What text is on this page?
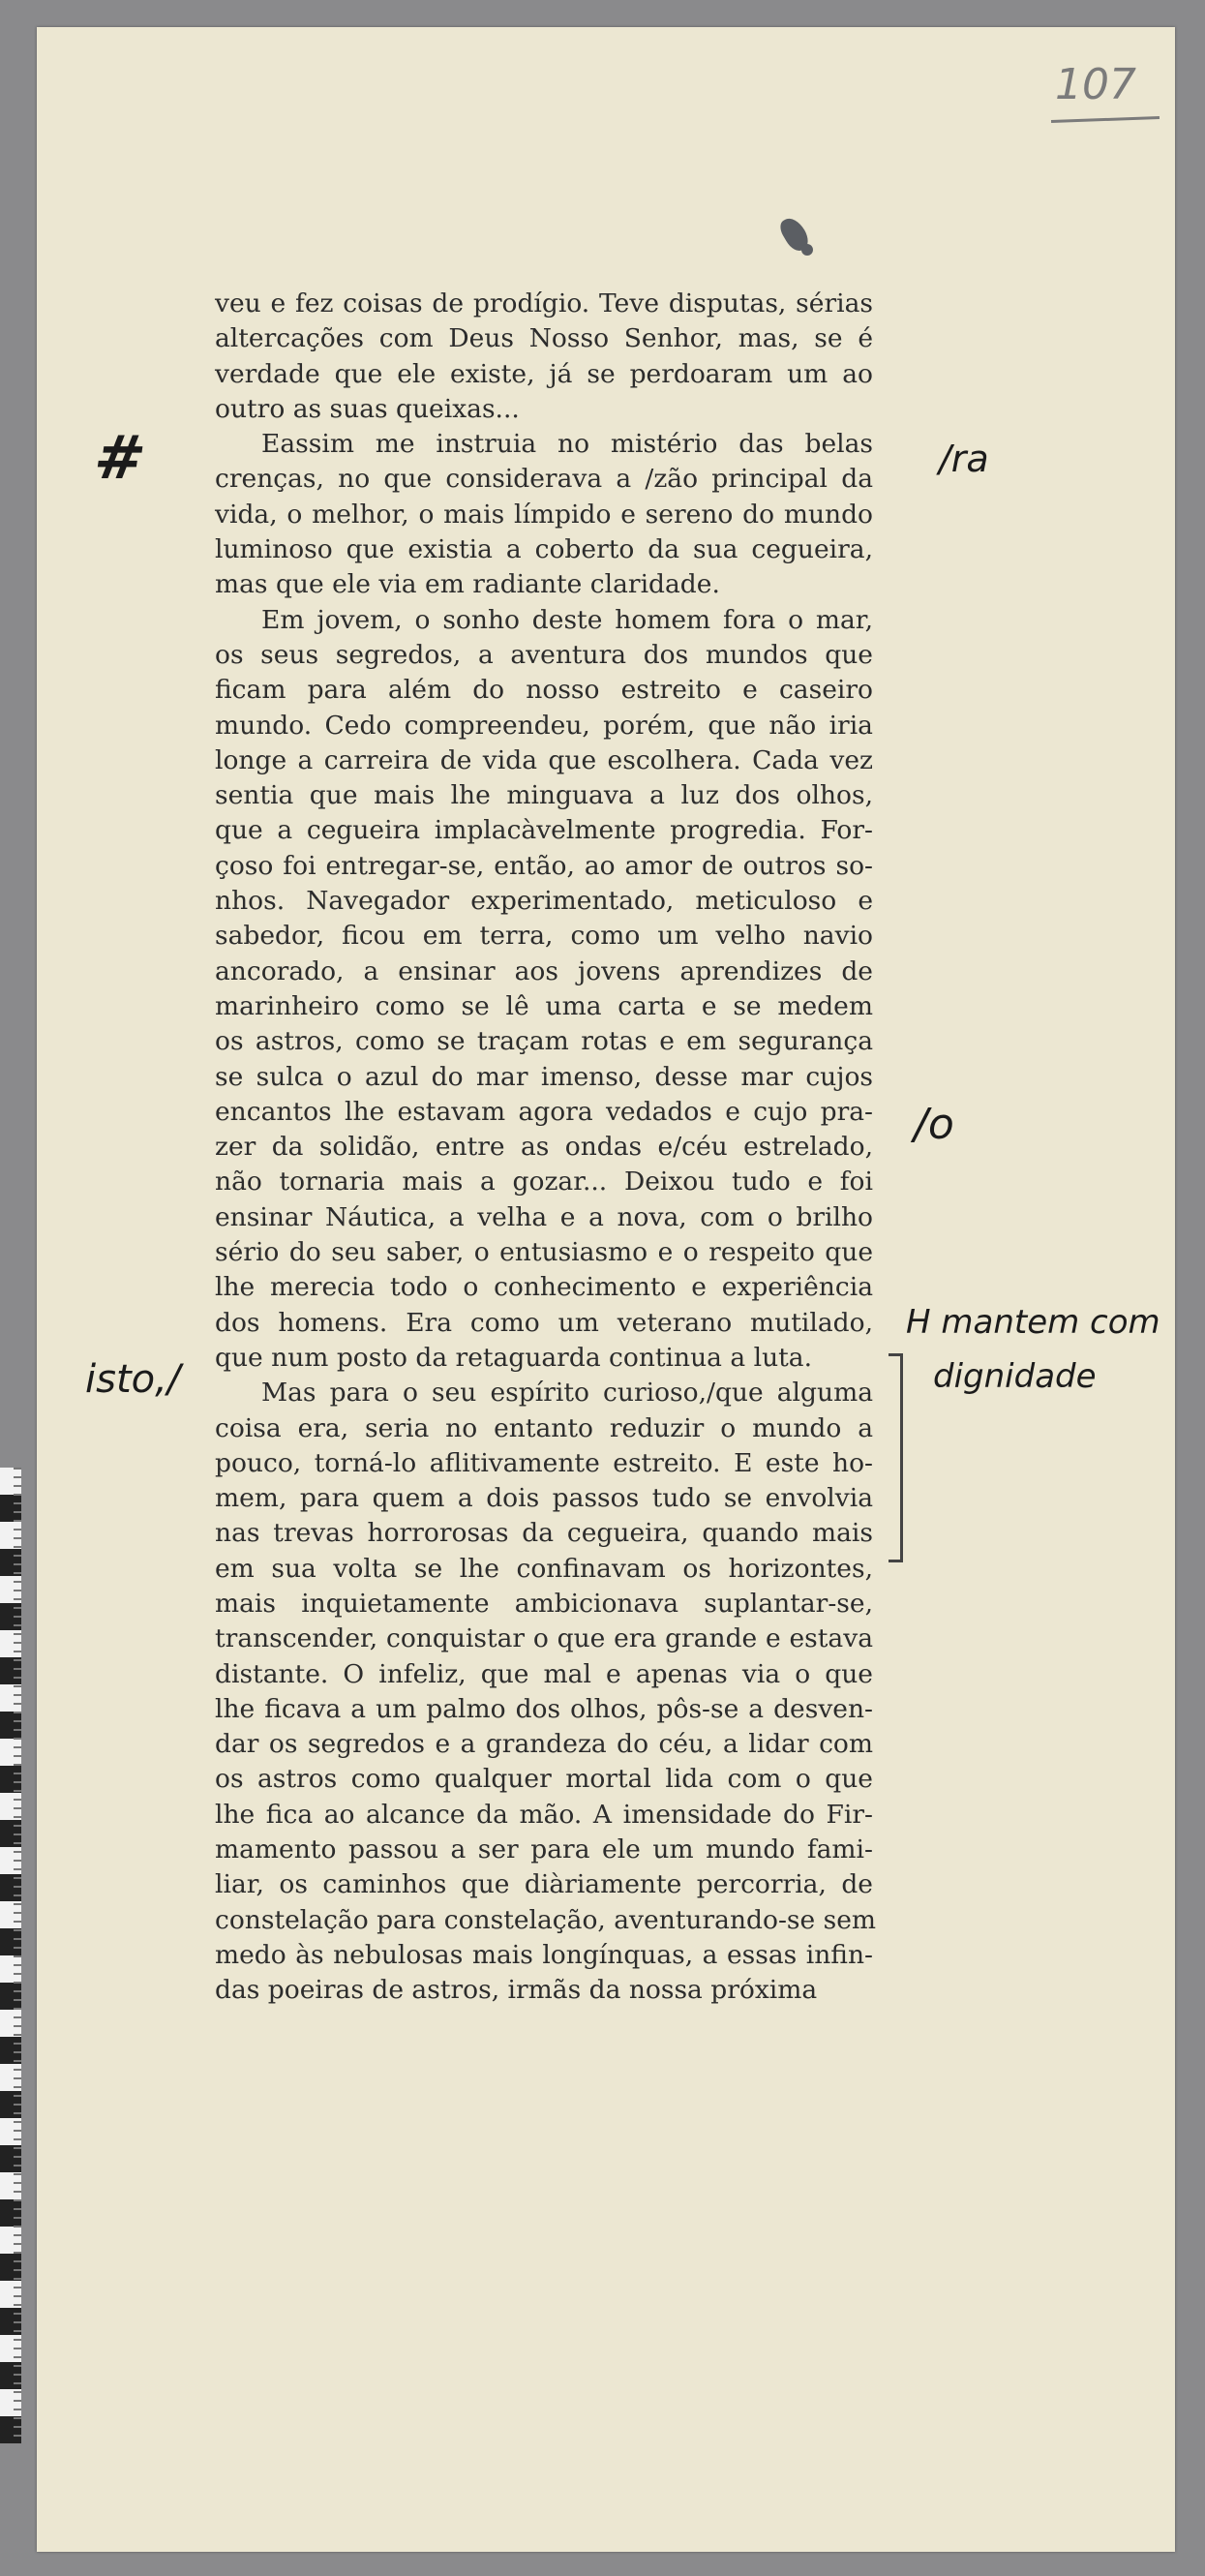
107
#	/ra
/o
isto,/
H mantem com
dignidade
veu e fez coisas de prodígio. Teve disputas, sérias
altercações com Deus Nosso Senhor, mas, se é
verdade que ele existe, já se perdoaram um ao
outro as suas queixas...
Eassim me instruia no mistério das belas
crenças, no que considerava a /zão principal da
vida, o melhor, o mais límpido e sereno do mundo
luminoso que existia a coberto da sua cegueira,
mas que ele via em radiante claridade.
Em jovem, o sonho deste homem fora o mar,
os seus segredos, a aventura dos mundos que
ficam para além do nosso estreito e caseiro
mundo. Cedo compreendeu, porém, que não iria
longe a carreira de vida que escolhera. Cada vez
sentia que mais lhe minguava a luz dos olhos,
que a cegueira implacàvelmente progredia. For-
çoso foi entregar-se, então, ao amor de outros so-
nhos. Navegador experimentado, meticuloso e
sabedor, ficou em terra, como um velho navio
ancorado, a ensinar aos jovens aprendizes de
marinheiro como se lê uma carta e se medem
os astros, como se traçam rotas e em segurança
se sulca o azul do mar imenso, desse mar cujos
encantos lhe estavam agora vedados e cujo pra-
zer da solidão, entre as ondas e/céu estrelado,
não tornaria mais a gozar... Deixou tudo e foi
ensinar Náutica, a velha e a nova, com o brilho
sério do seu saber, o entusiasmo e o respeito que
lhe merecia todo o conhecimento e experiência
dos homens. Era como um veterano mutilado,
que num posto da retaguarda continua a luta.
Mas para o seu espírito curioso,/que alguma
coisa era, seria no entanto reduzir o mundo a
pouco, torná-lo aflitivamente estreito. E este ho-
mem, para quem a dois passos tudo se envolvia
nas trevas horrorosas da cegueira, quando mais
em sua volta se lhe confinavam os horizontes,
mais inquietamente ambicionava suplantar-se,
transcender, conquistar o que era grande e estava
distante. O infeliz, que mal e apenas via o que
lhe ficava a um palmo dos olhos, pôs-se a desven-
dar os segredos e a grandeza do céu, a lidar com
os astros como qualquer mortal lida com o que
lhe fica ao alcance da mão. A imensidade do Fir-
mamento passou a ser para ele um mundo fami-
liar, os caminhos que diàriamente percorria, de
constelação para constelação, aventurando-se sem
medo às nebulosas mais longínquas, a essas infin-
das poeiras de astros, irmãs da nossa próxima
